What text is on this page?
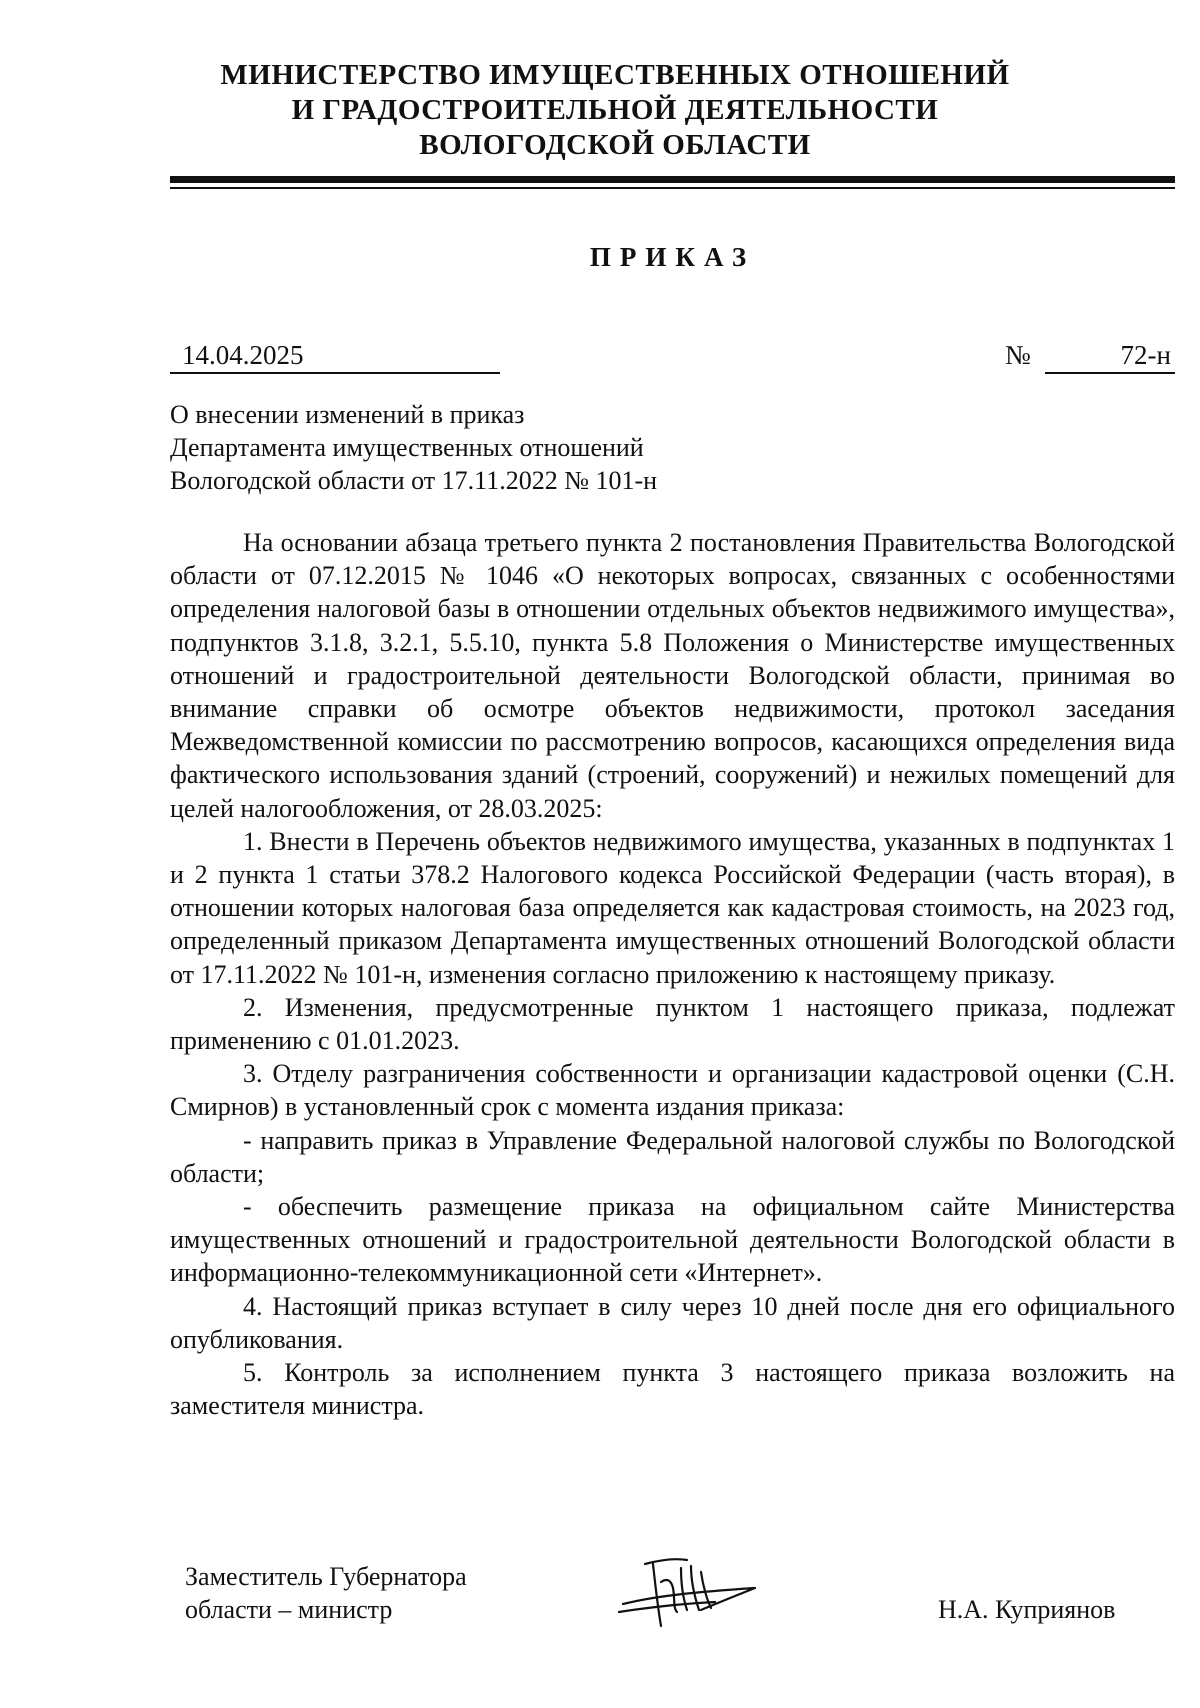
МИНИСТЕРСТВО ИМУЩЕСТВЕННЫХ ОТНОШЕНИЙ
И ГРАДОСТРОИТЕЛЬНОЙ ДЕЯТЕЛЬНОСТИ
ВОЛОГОДСКОЙ ОБЛАСТИ
ПРИКАЗ
14.04.2025	№	72-н
О внесении изменений в приказ
Департамента имущественных отношений
Вологодской области от 17.11.2022 № 101-н

На основании абзаца третьего пункта 2 постановления Правительства Вологодской области от 07.12.2015 № 1046 «О некоторых вопросах, связанных с особенностями определения налоговой базы в отношении отдельных объектов недвижимого имущества», подпунктов 3.1.8, 3.2.1, 5.5.10, пункта 5.8 Положения о Министерстве имущественных отношений и градостроительной деятельности Вологодской области, принимая во внимание справки об осмотре объектов недвижимости, протокол заседания Межведомственной комиссии по рассмотрению вопросов, касающихся определения вида фактического использования зданий (строений, сооружений) и нежилых помещений для целей налогообложения, от 28.03.2025:

1. Внести в Перечень объектов недвижимого имущества, указанных в подпунктах 1 и 2 пункта 1 статьи 378.2 Налогового кодекса Российской Федерации (часть вторая), в отношении которых налоговая база определяется как кадастровая стоимость, на 2023 год, определенный приказом Департамента имущественных отношений Вологодской области от 17.11.2022 № 101-н, изменения согласно приложению к настоящему приказу.

2. Изменения, предусмотренные пунктом 1 настоящего приказа, подлежат применению с 01.01.2023.

3. Отделу разграничения собственности и организации кадастровой оценки (С.Н. Смирнов) в установленный срок с момента издания приказа:

- направить приказ в Управление Федеральной налоговой службы по Вологодской области;

- обеспечить размещение приказа на официальном сайте Министерства имущественных отношений и градостроительной деятельности Вологодской области в информационно-телекоммуникационной сети «Интернет».

4. Настоящий приказ вступает в силу через 10 дней после дня его официального опубликования.

5. Контроль за исполнением пункта 3 настоящего приказа возложить на заместителя министра.

Заместитель Губернатора
области – министр	Н.А. Куприянов
